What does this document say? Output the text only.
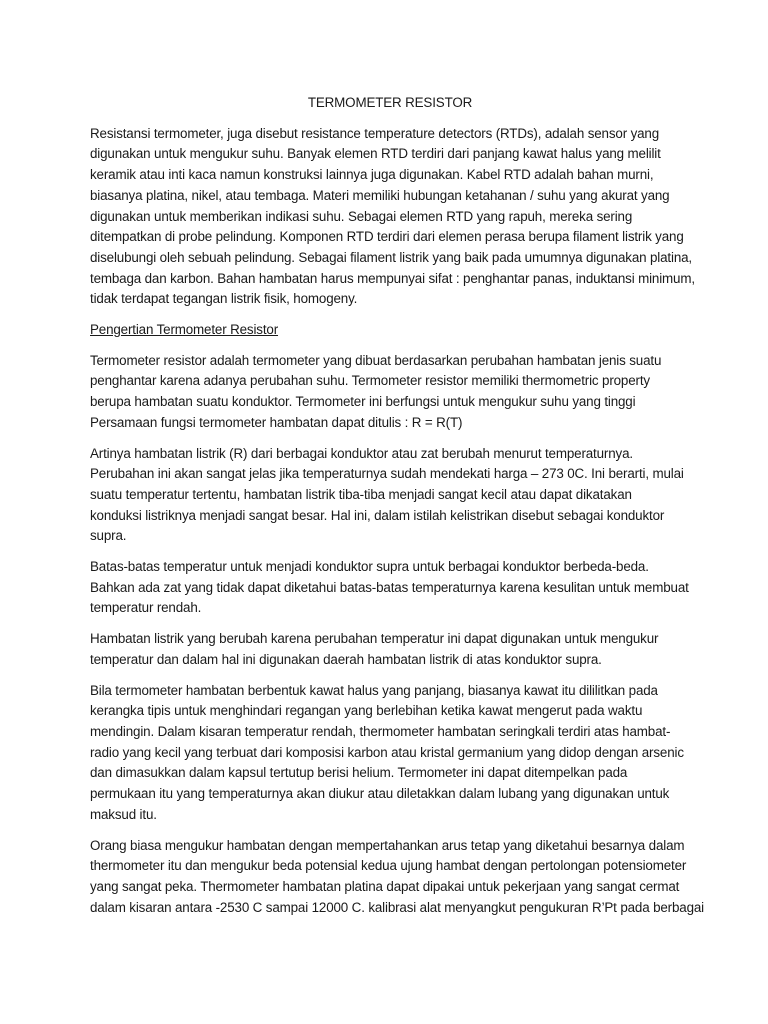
TERMOMETER RESISTOR

Resistansi termometer, juga disebut resistance temperature detectors (RTDs), adalah sensor yang
digunakan untuk mengukur suhu. Banyak elemen RTD terdiri dari panjang kawat halus yang melilit
keramik atau inti kaca namun konstruksi lainnya juga digunakan. Kabel RTD adalah bahan murni,
biasanya platina, nikel, atau tembaga. Materi memiliki hubungan ketahanan / suhu yang akurat yang
digunakan untuk memberikan indikasi suhu. Sebagai elemen RTD yang rapuh, mereka sering
ditempatkan di probe pelindung. Komponen RTD terdiri dari elemen perasa berupa filament listrik yang
diselubungi oleh sebuah pelindung. Sebagai filament listrik yang baik pada umumnya digunakan platina,
tembaga dan karbon. Bahan hambatan harus mempunyai sifat : penghantar panas, induktansi minimum,
tidak terdapat tegangan listrik fisik, homogeny.

Pengertian Termometer Resistor

Termometer resistor adalah termometer yang dibuat berdasarkan perubahan hambatan jenis suatu
penghantar karena adanya perubahan suhu. Termometer resistor memiliki thermometric property
berupa hambatan suatu konduktor. Termometer ini berfungsi untuk mengukur suhu yang tinggi
Persamaan fungsi termometer hambatan dapat ditulis : R = R(T)

Artinya hambatan listrik (R) dari berbagai konduktor atau zat berubah menurut temperaturnya.
Perubahan ini akan sangat jelas jika temperaturnya sudah mendekati harga – 273 0C. Ini berarti, mulai
suatu temperatur tertentu, hambatan listrik tiba-tiba menjadi sangat kecil atau dapat dikatakan
konduksi listriknya menjadi sangat besar. Hal ini, dalam istilah kelistrikan disebut sebagai konduktor
supra.

Batas-batas temperatur untuk menjadi konduktor supra untuk berbagai konduktor berbeda-beda.
Bahkan ada zat yang tidak dapat diketahui batas-batas temperaturnya karena kesulitan untuk membuat
temperatur rendah.

Hambatan listrik yang berubah karena perubahan temperatur ini dapat digunakan untuk mengukur
temperatur dan dalam hal ini digunakan daerah hambatan listrik di atas konduktor supra.

Bila termometer hambatan berbentuk kawat halus yang panjang, biasanya kawat itu dililitkan pada
kerangka tipis untuk menghindari regangan yang berlebihan ketika kawat mengerut pada waktu
mendingin. Dalam kisaran temperatur rendah, thermometer hambatan seringkali terdiri atas hambat-
radio yang kecil yang terbuat dari komposisi karbon atau kristal germanium yang didop dengan arsenic
dan dimasukkan dalam kapsul tertutup berisi helium. Termometer ini dapat ditempelkan pada
permukaan itu yang temperaturnya akan diukur atau diletakkan dalam lubang yang digunakan untuk
maksud itu.

Orang biasa mengukur hambatan dengan mempertahankan arus tetap yang diketahui besarnya dalam
thermometer itu dan mengukur beda potensial kedua ujung hambat dengan pertolongan potensiometer
yang sangat peka. Thermometer hambatan platina dapat dipakai untuk pekerjaan yang sangat cermat
dalam kisaran antara -2530 C sampai 12000 C. kalibrasi alat menyangkut pengukuran R’Pt pada berbagai
